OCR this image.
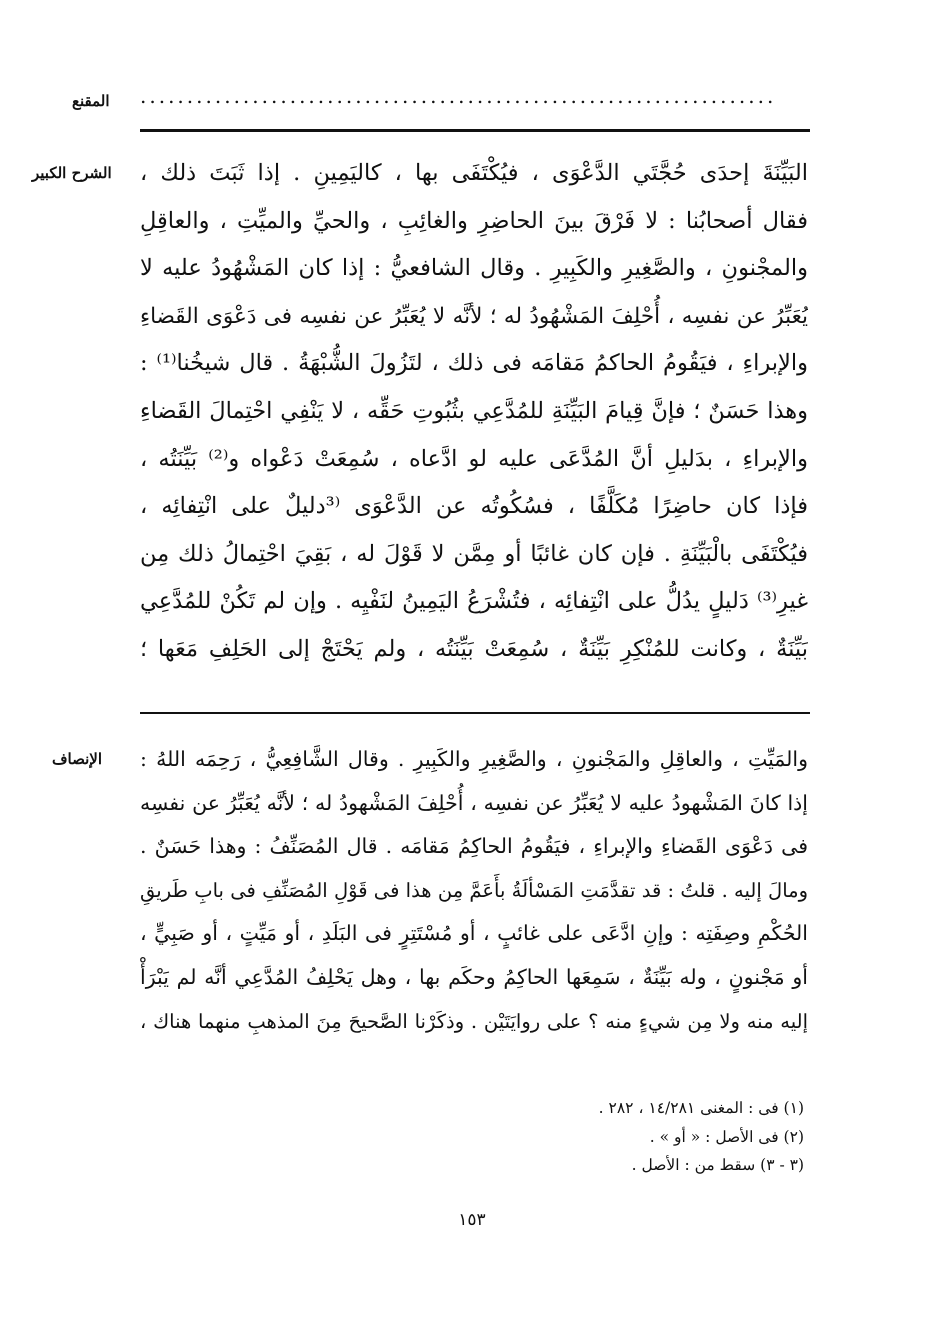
....................................................................
المقنع
الشرح الكبير البَيِّنَةَ إحدَى حُجَّتَي الدَّعْوَى ، فيُكْتَفَى بها ، كاليَمِينِ . إذا ثَبَتَ ذلك ،
فقال أصحابُنا : لا فَرْقَ بينَ الحاضِرِ والغائِبِ ، والحيِّ والميِّتِ ، والعاقِلِ
والمجْنونِ ، والصَّغِيرِ والكَبِيرِ . وقال الشافعيُّ : إذا كان المَشْهُودُ عليه لا
يُعَبِّرُ عن نفسِه ، أُحْلِفَ المَشْهُودُ له ؛ لأنَّه لا يُعَبِّرُ عن نفسِه فى دَعْوَى القَضاءِ
والإبراءِ ، فيَقُومُ الحاكمُ مَقامَه فى ذلك ، لتَزُولَ الشُّبْهَةُ . قال شيخُنا⁽¹⁾ :
وهذا حَسَنٌ ؛ فإنَّ قِيامَ البَيِّنَةِ للمُدَّعِي بثُبُوتِ حَقِّه ، لا يَنْفِي احْتِمالَ القَضاءِ
والإبراءِ ، بدَليلِ أنَّ المُدَّعَى عليه لو ادَّعاه ، سُمِعَتْ دَعْواه و⁽²⁾ بَيِّنَتُه ،
فإذا كان حاضِرًا مُكَلَّفًا ، فسُكُوتُه عن الدَّعْوَى ⁽³دليلٌ على انْتِفائِه ،
فيُكْتَفَى بالْبَيِّنَةِ . فإن كان غائبًا أو مِمَّن لا قَوْلَ له ، بَقِيَ احْتِمالُ ذلك مِن
غيرِ⁽³⁾ دَليلٍ يدُلُّ على انْتِفائِه ، فتُشْرَعُ اليَمِينُ لنَفْيِه . وإن لم تَكُنْ للمُدَّعِي
بَيِّنَةٌ ، وكانت للمُنْكِرِ بَيِّنَةٌ ، سُمِعَتْ بَيِّنَتُه ، ولم يَحْتَجْ إلى الحَلِفِ مَعَها ؛
الإنصاف والمَيِّتِ ، والعاقِلِ والمَجْنونِ ، والصَّغِيرِ والكَبِيرِ . وقال الشَّافِعِيُّ ، رَحِمَه اللهُ :
إذا كانَ المَشْهودُ عليه لا يُعَبِّرُ عن نفسِه ، أُحْلِفَ المَشْهودُ له ؛ لأنَّه يُعَبِّرُ عن نفسِه
فى دَعْوَى القَضاءِ والإبراءِ ، فيَقُومُ الحاكِمُ مَقامَه . قال المُصَنِّفُ : وهذا حَسَنٌ .
ومالَ إليه . قلتُ : قد تقدَّمَتِ المَسْألَةُ بأَعَمَّ مِن هذا فى قَوْلِ المُصَنِّفِ فى بابِ طَريقِ
الحُكْمِ وصِفَتِه : وإنِ ادَّعَى على غائبٍ ، أو مُسْتَتِرٍ فى البَلَدِ ، أو مَيِّتٍ ، أو صَبِيٍّ ،
أو مَجْنونٍ ، وله بَيِّنَةٌ ، سَمِعَها الحاكِمُ وحكَم بها ، وهل يَحْلِفُ المُدَّعِي أنَّه لم يَبْرَأْ
إليه منه ولا مِن شيءٍ منه ؟ على روايَتَيْن . وذكَرْنا الصَّحيحَ مِنَ المذهبِ منهما هناك ،
(١) فى : المغنى ١٤/٢٨١ ، ٢٨٢ .
(٢) فى الأصل : « أو » .
(٣ - ٣) سقط من : الأصل .
١٥٣
